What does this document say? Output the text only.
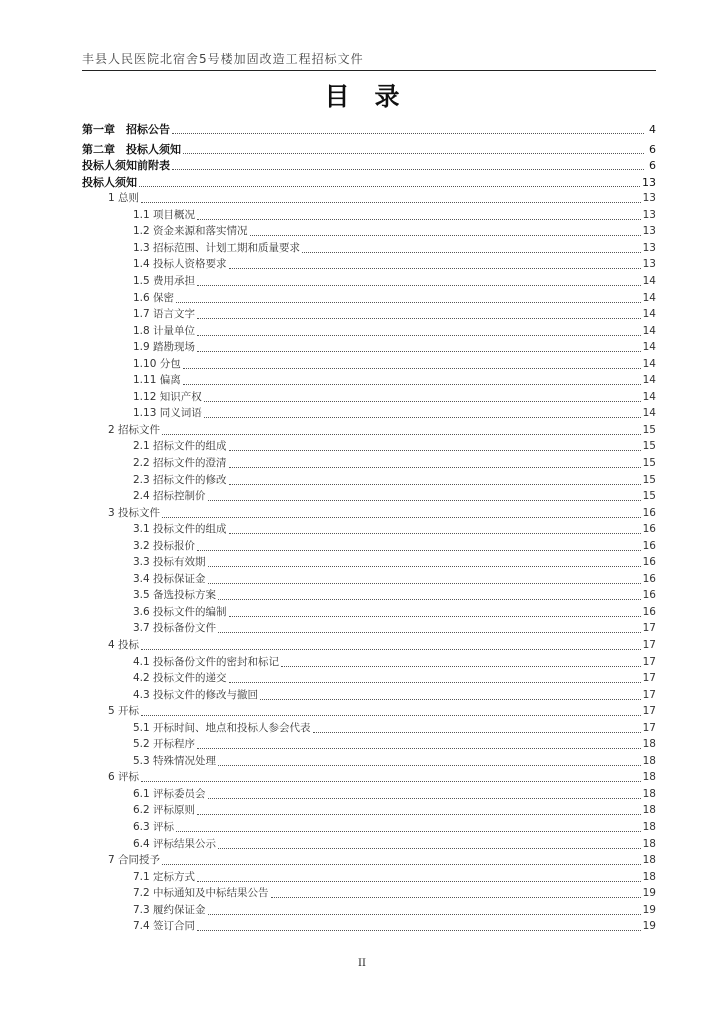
丰县人民医院北宿舍5号楼加固改造工程招标文件
目　录
第一章　招标公告	4
第二章　投标人须知	6
投标人须知前附表	6
投标人须知	13
1 总则	13
1.1 项目概况	13
1.2 资金来源和落实情况	13
1.3 招标范围、计划工期和质量要求	13
1.4 投标人资格要求	13
1.5 费用承担	14
1.6 保密	14
1.7 语言文字	14
1.8 计量单位	14
1.9 踏勘现场	14
1.10 分包	14
1.11 偏离	14
1.12 知识产权	14
1.13 同义词语	14
2 招标文件	15
2.1 招标文件的组成	15
2.2 招标文件的澄清	15
2.3 招标文件的修改	15
2.4 招标控制价	15
3 投标文件	16
3.1 投标文件的组成	16
3.2 投标报价	16
3.3 投标有效期	16
3.4 投标保证金	16
3.5 备选投标方案	16
3.6 投标文件的编制	16
3.7 投标备份文件	17
4 投标	17
4.1 投标备份文件的密封和标记	17
4.2 投标文件的递交	17
4.3 投标文件的修改与撤回	17
5 开标	17
5.1 开标时间、地点和投标人参会代表	17
5.2 开标程序	18
5.3 特殊情况处理	18
6 评标	18
6.1 评标委员会	18
6.2 评标原则	18
6.3 评标	18
6.4 评标结果公示	18
7 合同授予	18
7.1 定标方式	18
7.2 中标通知及中标结果公告	19
7.3 履约保证金	19
7.4 签订合同	19
II
